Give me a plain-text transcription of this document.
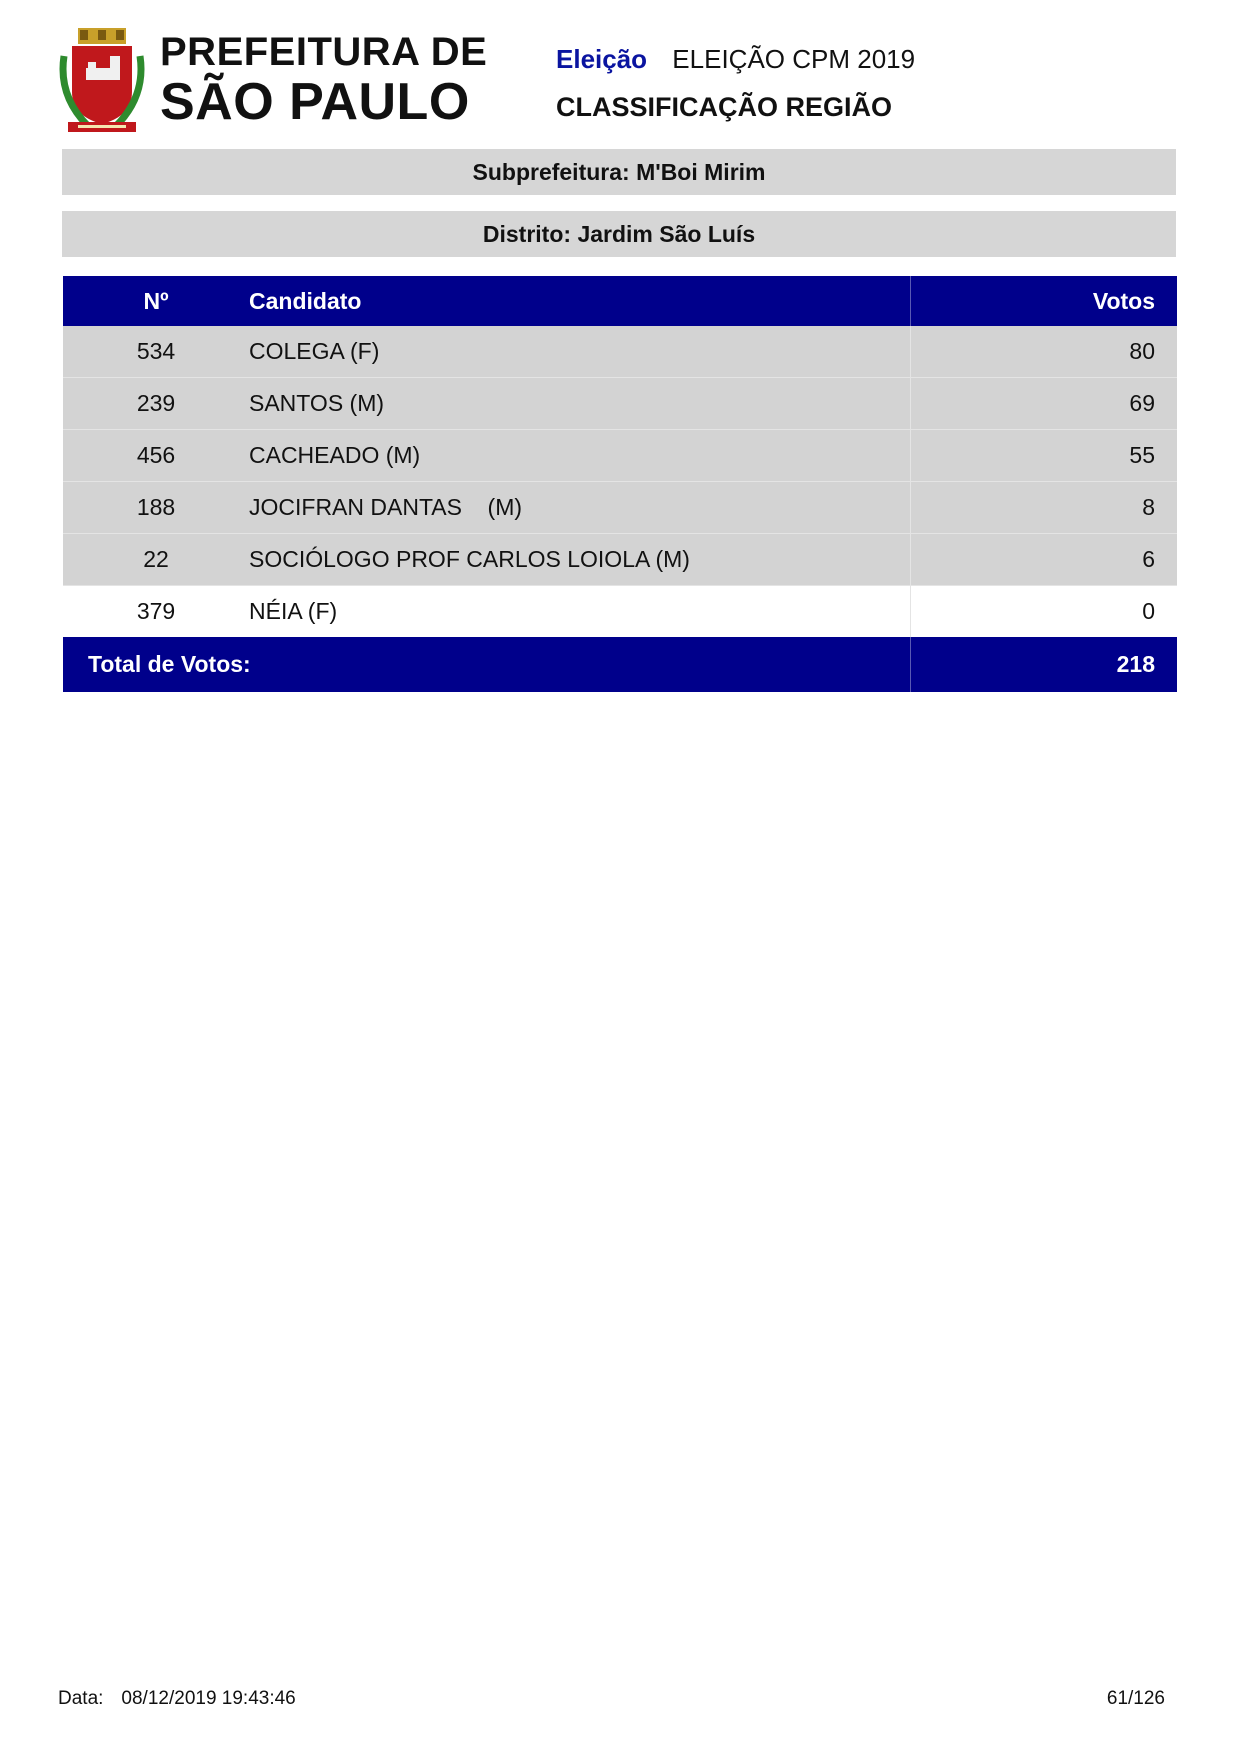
PREFEITURA DE
SÃO PAULO
Eleição ELEIÇÃO CPM 2019
CLASSIFICAÇÃO REGIÃO
Subprefeitura: M'Boi Mirim
Distrito: Jardim São Luís
Nº	Candidato	Votos
534	COLEGA (F)	80
239	SANTOS (M)	69
456	CACHEADO (M)	55
188	JOCIFRAN DANTAS    (M)	8
22	SOCIÓLOGO PROF CARLOS LOIOLA (M)	6
379	NÉIA (F)	0
Total de Votos:	218
Data: 08/12/2019 19:43:46	61/126
